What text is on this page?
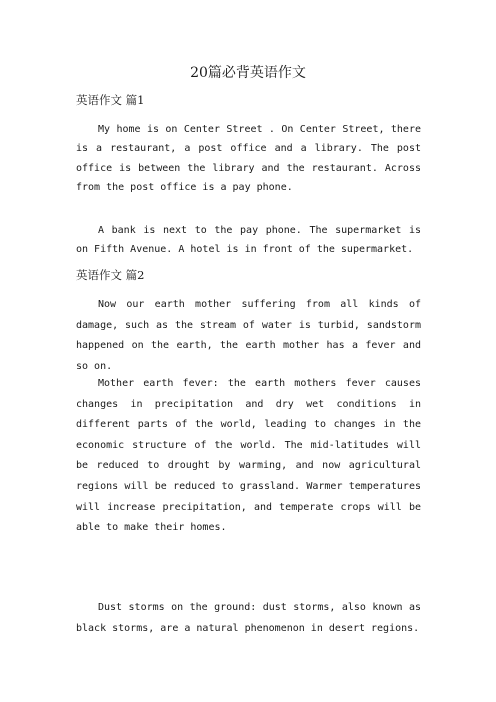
20篇必背英语作文
英语作文 篇1
My home is on Center Street . On Center Street, there is a restaurant, a post office and a library. The post office is between the library and the restaurant. Across from the post office is a pay phone.
A bank is next to the pay phone. The supermarket is on Fifth Avenue. A hotel is in front of the supermarket.
英语作文 篇2
Now our earth mother suffering from all kinds of damage, such as the stream of water is turbid, sandstorm happened on the earth, the earth mother has a fever and so on.
Mother earth fever: the earth mothers fever causes changes in precipitation and dry wet conditions in different parts of the world, leading to changes in the economic structure of the world. The mid-latitudes will be reduced to drought by warming, and now agricultural regions will be reduced to grassland. Warmer temperatures will increase precipitation, and temperate crops will be able to make their homes.
Dust storms on the ground: dust storms, also known as black storms, are a natural phenomenon in desert regions.
